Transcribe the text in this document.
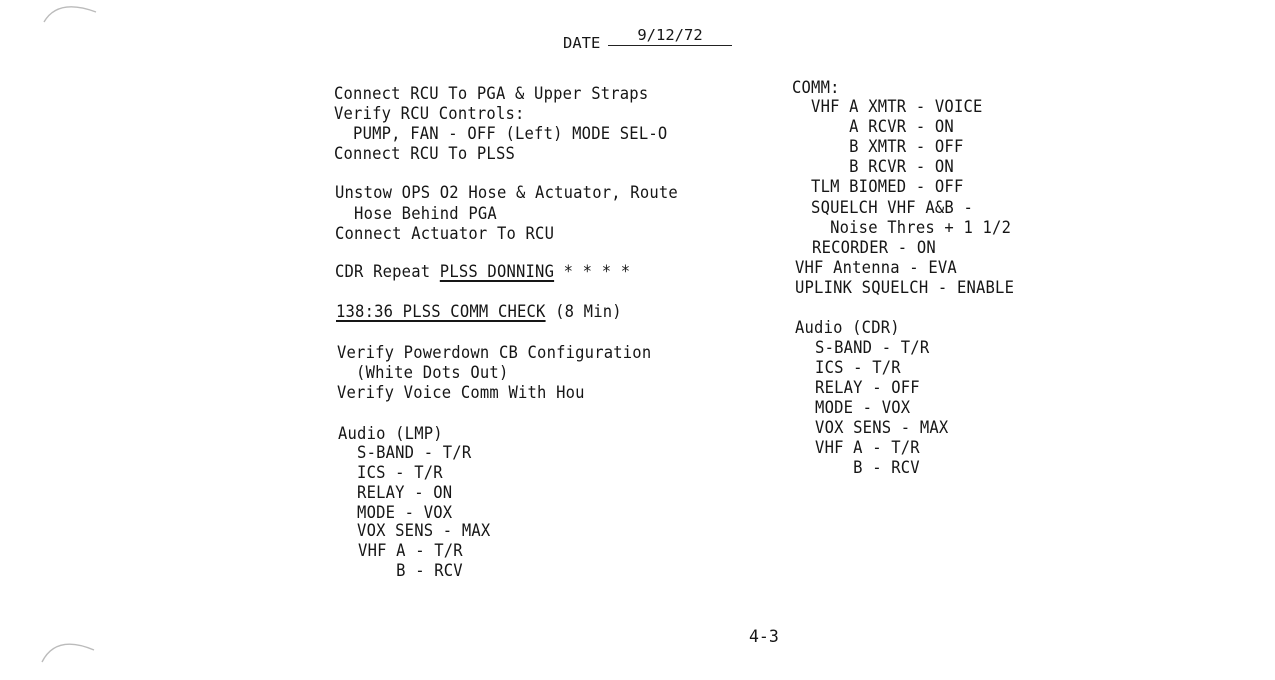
DATE	9/12/72
Connect RCU To PGA & Upper Straps
Verify RCU Controls:
PUMP, FAN - OFF (Left) MODE SEL-O
Connect RCU To PLSS
Unstow OPS O2 Hose & Actuator, Route
Hose Behind PGA
Connect Actuator To RCU
CDR Repeat PLSS DONNING * * * *
138:36 PLSS COMM CHECK (8 Min)
Verify Powerdown CB Configuration
(White Dots Out)
Verify Voice Comm With Hou
Audio (LMP)
S-BAND - T/R
ICS - T/R
RELAY - ON
MODE - VOX
VOX SENS - MAX
VHF A - T/R
B - RCV
COMM:
VHF A XMTR - VOICE
A RCVR - ON
B XMTR - OFF
B RCVR - ON
TLM BIOMED - OFF
SQUELCH VHF A&B -
Noise Thres + 1 1/2
RECORDER - ON
VHF Antenna - EVA
UPLINK SQUELCH - ENABLE
Audio (CDR)
S-BAND - T/R
ICS - T/R
RELAY - OFF
MODE - VOX
VOX SENS - MAX
VHF A - T/R
B - RCV
4-3
